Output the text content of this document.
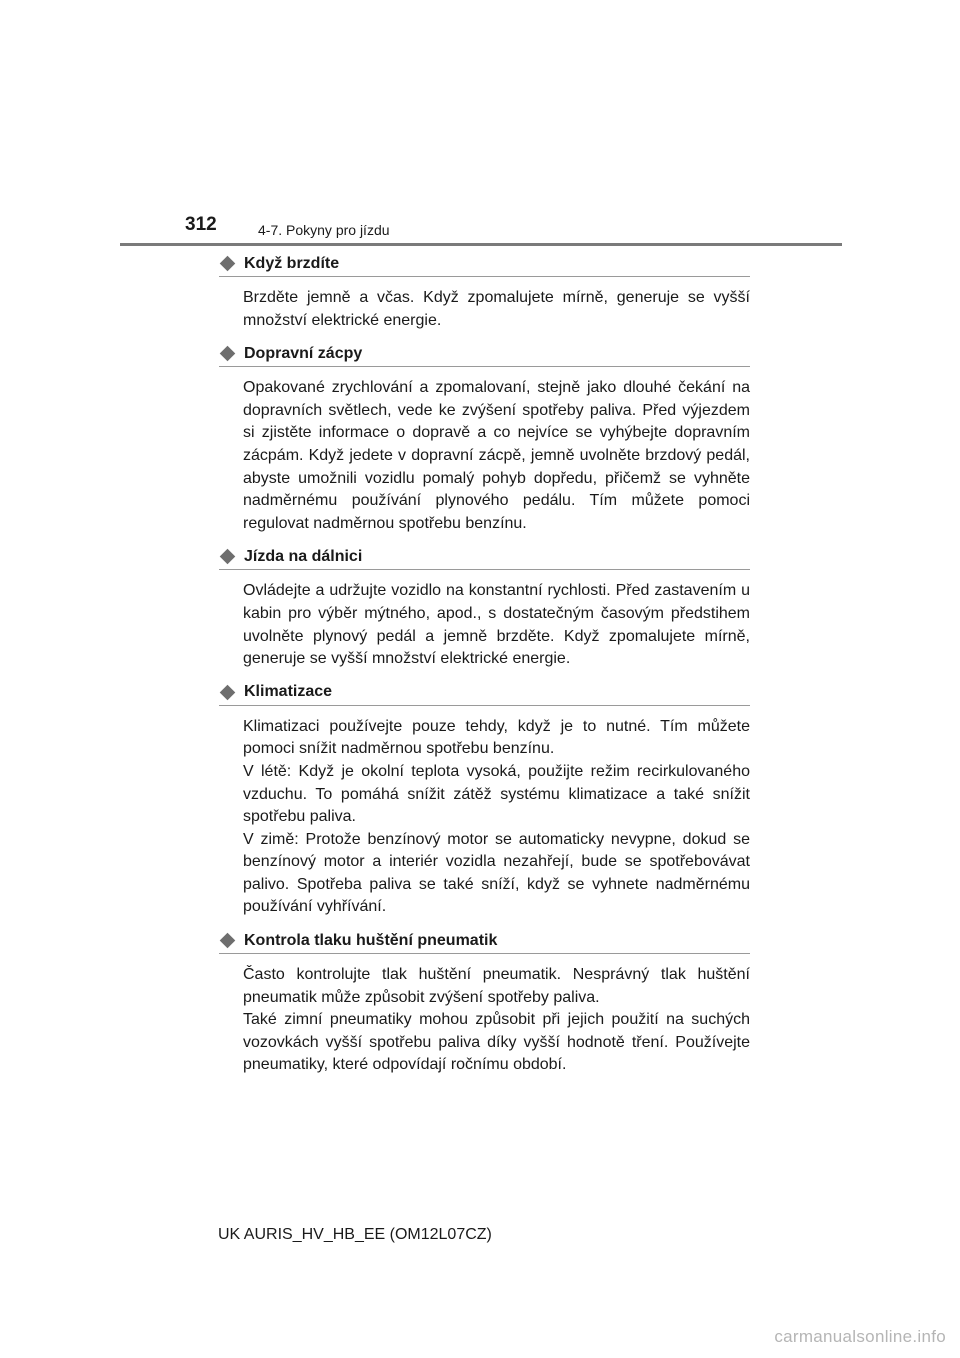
312	4-7. Pokyny pro jízdu
Když brzdíte

Brzděte jemně a včas. Když zpomalujete mírně, generuje se vyšší množství elektrické energie.

Dopravní zácpy

Opakované zrychlování a zpomalovaní, stejně jako dlouhé čekání na dopravních světlech, vede ke zvýšení spotřeby paliva. Před výjezdem si zjistěte informace o dopravě a co nejvíce se vyhýbejte dopravním zácpám. Když jedete v dopravní zácpě, jemně uvolněte brzdový pedál, abyste umožnili vozidlu pomalý pohyb dopředu, přičemž se vyhněte nadměrnému používání plynového pedálu. Tím můžete pomoci regulovat nadměrnou spotřebu benzínu.

Jízda na dálnici

Ovládejte a udržujte vozidlo na konstantní rychlosti. Před zastavením u kabin pro výběr mýtného, apod., s dostatečným časovým předstihem uvolněte plynový pedál a jemně brzděte. Když zpomalujete mírně, generuje se vyšší množství elektrické energie.

Klimatizace

Klimatizaci používejte pouze tehdy, když je to nutné. Tím můžete pomoci snížit nadměrnou spotřebu benzínu.

V létě: Když je okolní teplota vysoká, použijte režim recirkulovaného vzduchu. To pomáhá snížit zátěž systému klimatizace a také snížit spotřebu paliva.

V zimě: Protože benzínový motor se automaticky nevypne, dokud se benzínový motor a interiér vozidla nezahřejí, bude se spotřebovávat palivo. Spotřeba paliva se také sníží, když se vyhnete nadměrnému používání vyhřívání.

Kontrola tlaku huštění pneumatik

Často kontrolujte tlak huštění pneumatik. Nesprávný tlak huštění pneumatik může způsobit zvýšení spotřeby paliva.

Také zimní pneumatiky mohou způsobit při jejich použití na suchých vozovkách vyšší spotřebu paliva díky vyšší hodnotě tření. Používejte pneumatiky, které odpovídají ročnímu období.

UK AURIS_HV_HB_EE (OM12L07CZ)
carmanualsonline.info
